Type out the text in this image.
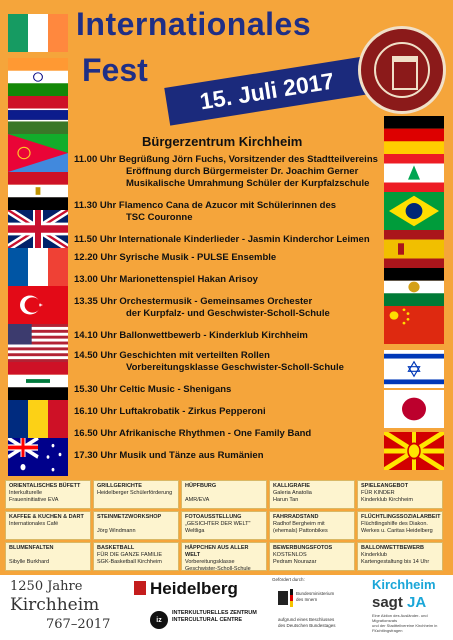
Internationales
Fest 15. Juli 2017
Bürgerzentrum Kirchheim
11.00 Uhr Begrüßung Jörn Fuchs, Vorsitzender des Stadtteilvereins
Eröffnung durch Bürgermeister Dr. Joachim Gerner
Musikalische Umrahmung Schüler der Kurpfalzschule
11.30 Uhr Flamenco Cana de Azucor mit Schülerinnen des
TSC Couronne
11.50 Uhr Internationale Kinderlieder - Jasmin Kinderchor Leimen
12.20 Uhr Syrische Musik - PULSE Ensemble
13.00 Uhr Marionettenspiel Hakan Arisoy
13.35 Uhr Orchestermusik - Gemeinsames Orchester
der Kurpfalz- und Geschwister-Scholl-Schule
14.10 Uhr Ballonwettbewerb - Kinderklub Kirchheim
14.50 Uhr Geschichten mit verteilten Rollen
Vorbereitungsklasse Geschwister-Scholl-Schule
15.30 Uhr Celtic Music - Shenigans
16.10 Uhr Luftakrobatik - Zirkus Pepperoni
16.50 Uhr Afrikanische Rhythmen - One Family Band
17.30 Uhr Musik und Tänze aus Rumänien
ORIENTALISCHES BÜFETT
Interkulturelle
Fraueninitiative EVA
GRILLGERICHTE
Heidelberger Schülerförderung
HÜPFBURG

AMR/EVA
KALLIGRAFIE
Galeria Anatolia
Harun Tan
SPIELEANGEBOT
FÜR KINDER
Kinderklub Kirchheim
KAFFEE & KUCHEN & DART
Internationales Café
STEINMETZWORKSHOP

Jörg Windmann
FOTOAUSSTELLUNG
„GESICHTER DER WELT"
Weltliga
FAHRRADSTAND
Radhof Bergheim mit
(ehemals) Pattonbikes
FLÜCHTLINGSSOZIALARBEIT
Flüchtlingshilfe des Diakon.
Werkes u. Caritas Heidelberg
BLUMENFALTEN

Sibylle Burkhard
BASKETBALL
FÜR DIE GANZE FAMILIE
SGK-Basketball Kirchheim
HÄPPCHEN AUS ALLER WELT
Vorbereitungsklasse
Geschwister-Scholl-Schule
BEWERBUNGSFOTOS
KOSTENLOS
Pedram Nourazar
BALLONWETTBEWERB
Kinderklub
Kartengestaltung bis 14 Uhr
1250 Jahre
Kirchheim
767–2017
Heidelberg
iz
INTERKULTURELLES ZENTRUM
INTERCULTURAL CENTRE
Gefördert durch:
Bundesministerium
des Innern
aufgrund eines Beschlusses
des Deutschen Bundestages
Kirchheim
sagt JA
Eine Aktion des Ausländer- und Migrationsrats
und der Stadtteilvereine Kirchheim in Flüchtlingsfragen
